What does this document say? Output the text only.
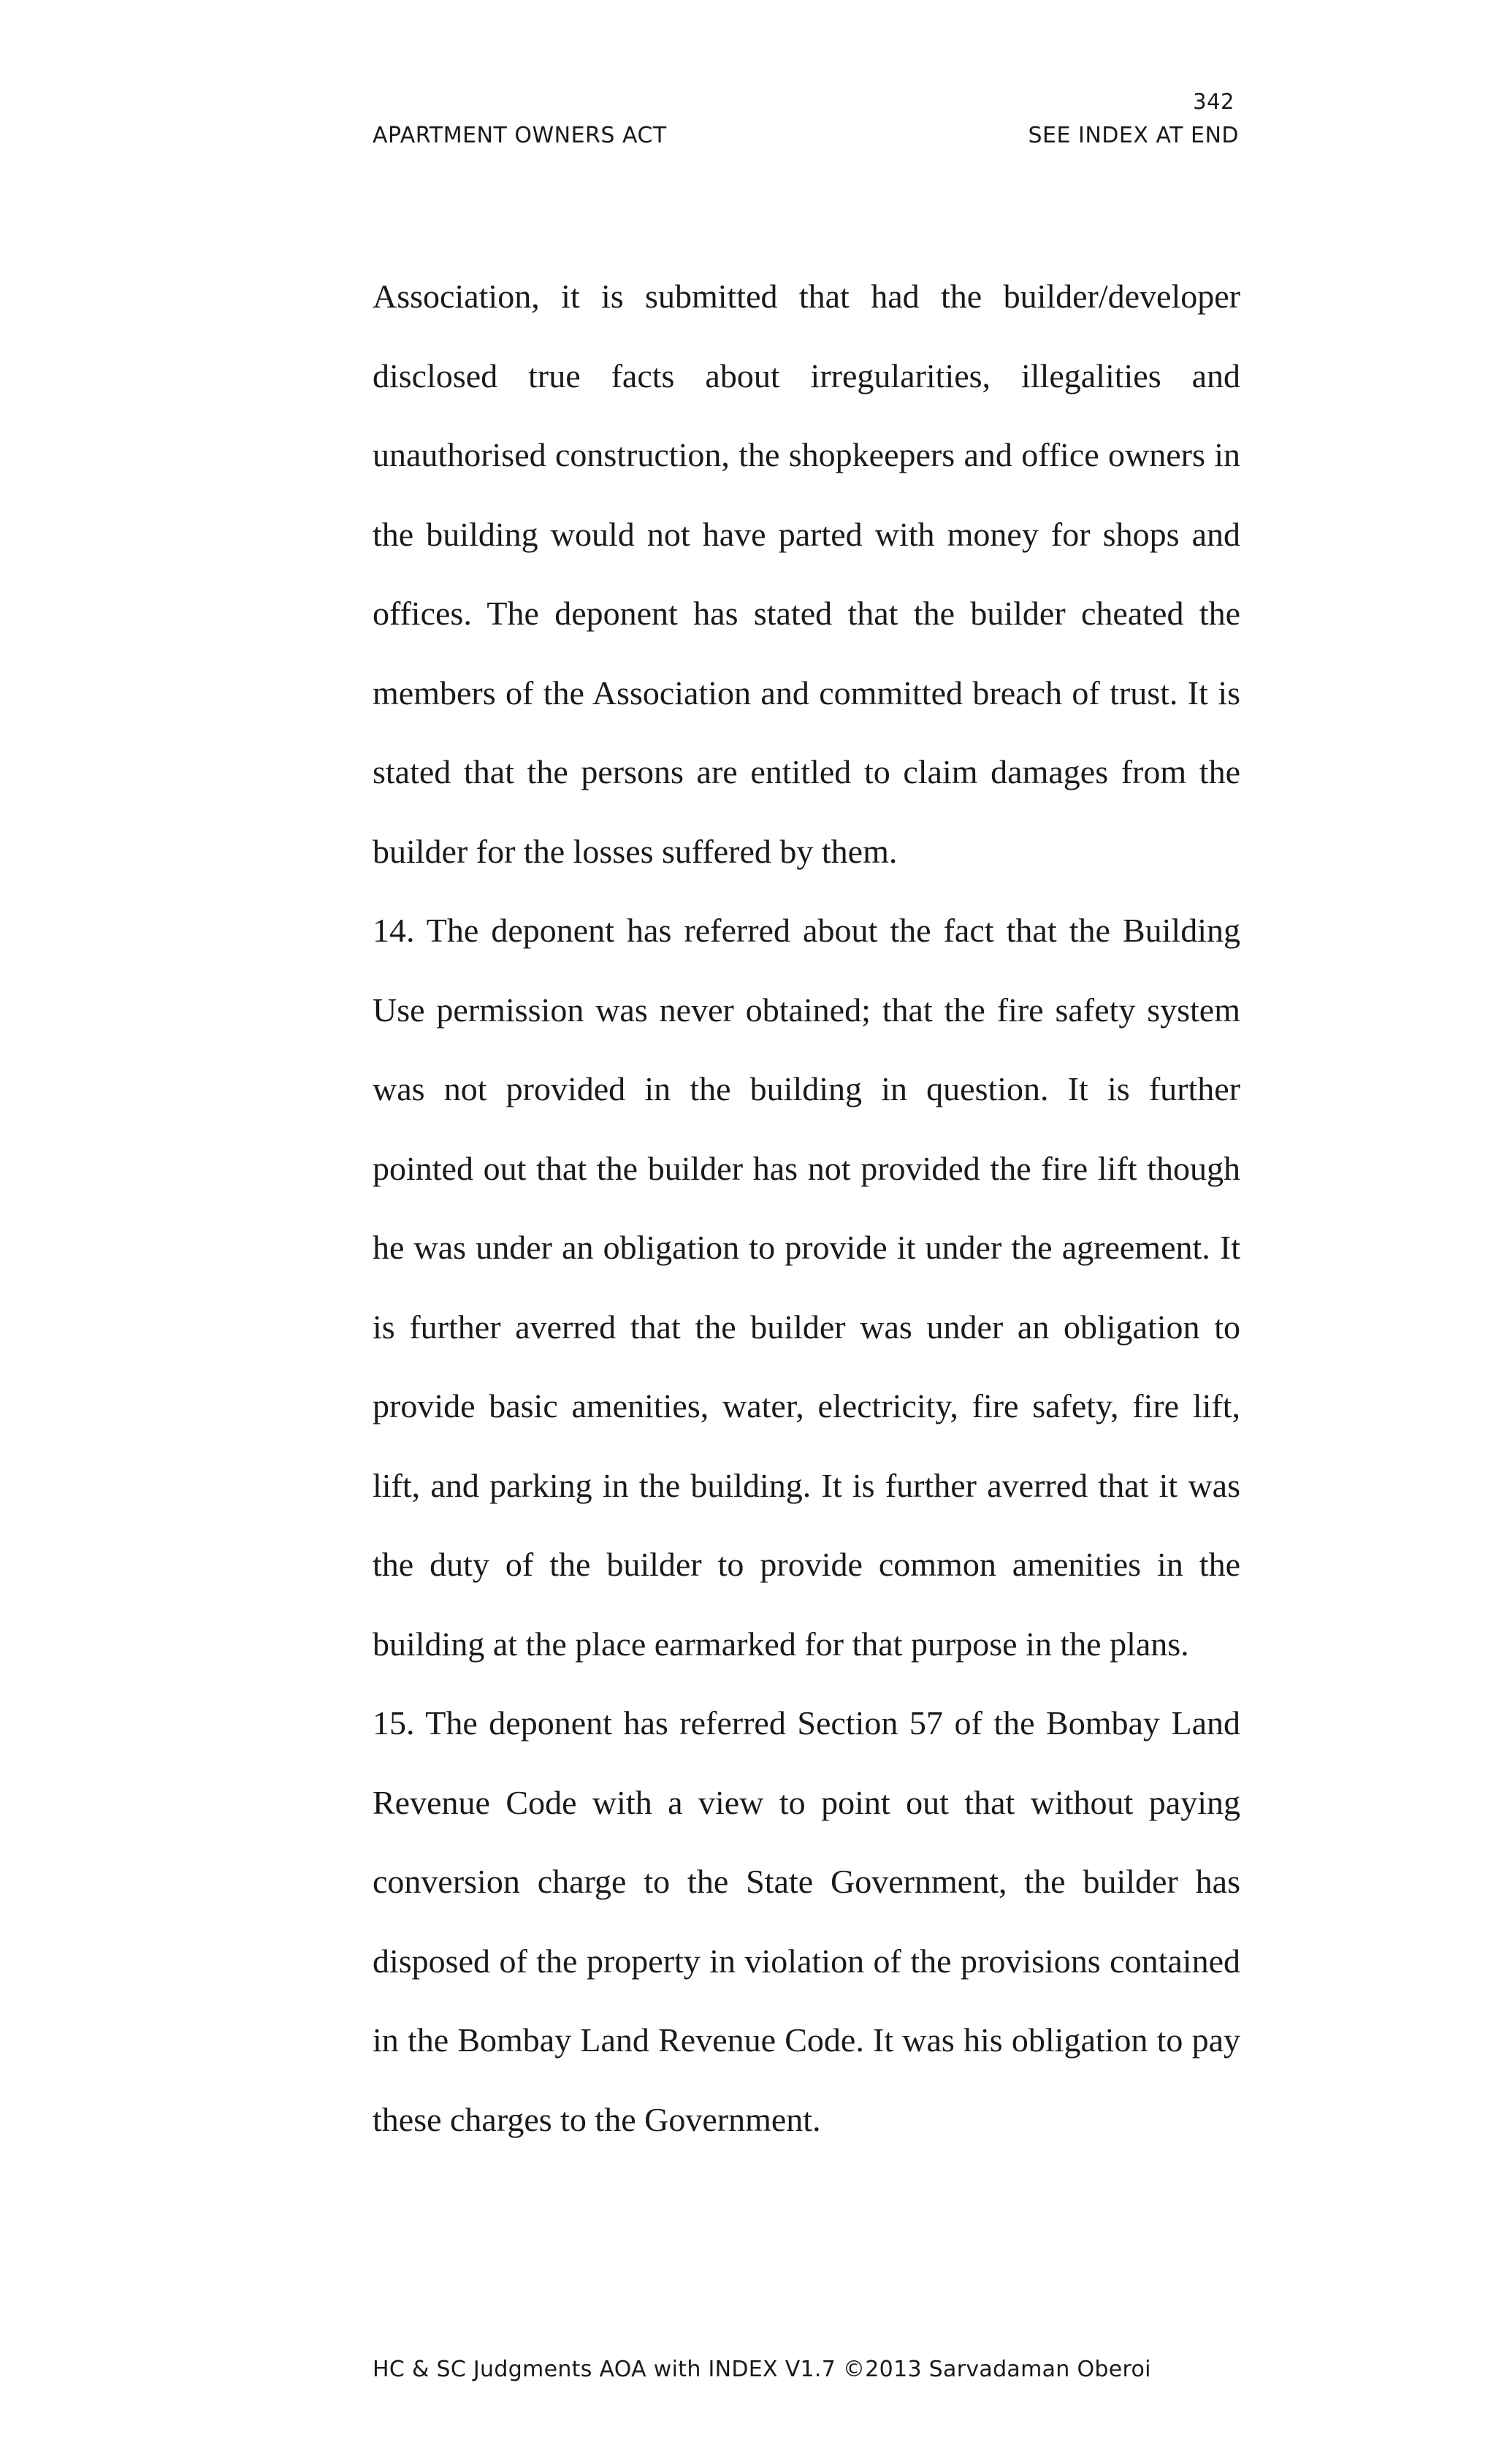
342
APARTMENT OWNERS ACT	SEE INDEX AT END
Association, it is submitted that had the builder/developer disclosed true facts about irregularities, illegalities and unauthorised construction, the shopkeepers and office owners in the building would not have parted with money for shops and offices. The deponent has stated that the builder cheated the members of the Association and committed breach of trust. It is stated that the persons are entitled to claim damages from the builder for the losses suffered by them.
14. The deponent has referred about the fact that the Building Use permission was never obtained; that the fire safety system was not provided in the building in question. It is further pointed out that the builder has not provided the fire lift though he was under an obligation to provide it under the agreement. It is further averred that the builder was under an obligation to provide basic amenities, water, electricity, fire safety, fire lift, lift, and parking in the building. It is further averred that it was the duty of the builder to provide common amenities in the building at the place earmarked for that purpose in the plans.
15. The deponent has referred Section 57 of the Bombay Land Revenue Code with a view to point out that without paying conversion charge to the State Government, the builder has disposed of the property in violation of the provisions contained in the Bombay Land Revenue Code. It was his obligation to pay these charges to the Government.
HC & SC Judgments AOA with INDEX V1.7 ©2013 Sarvadaman Oberoi
